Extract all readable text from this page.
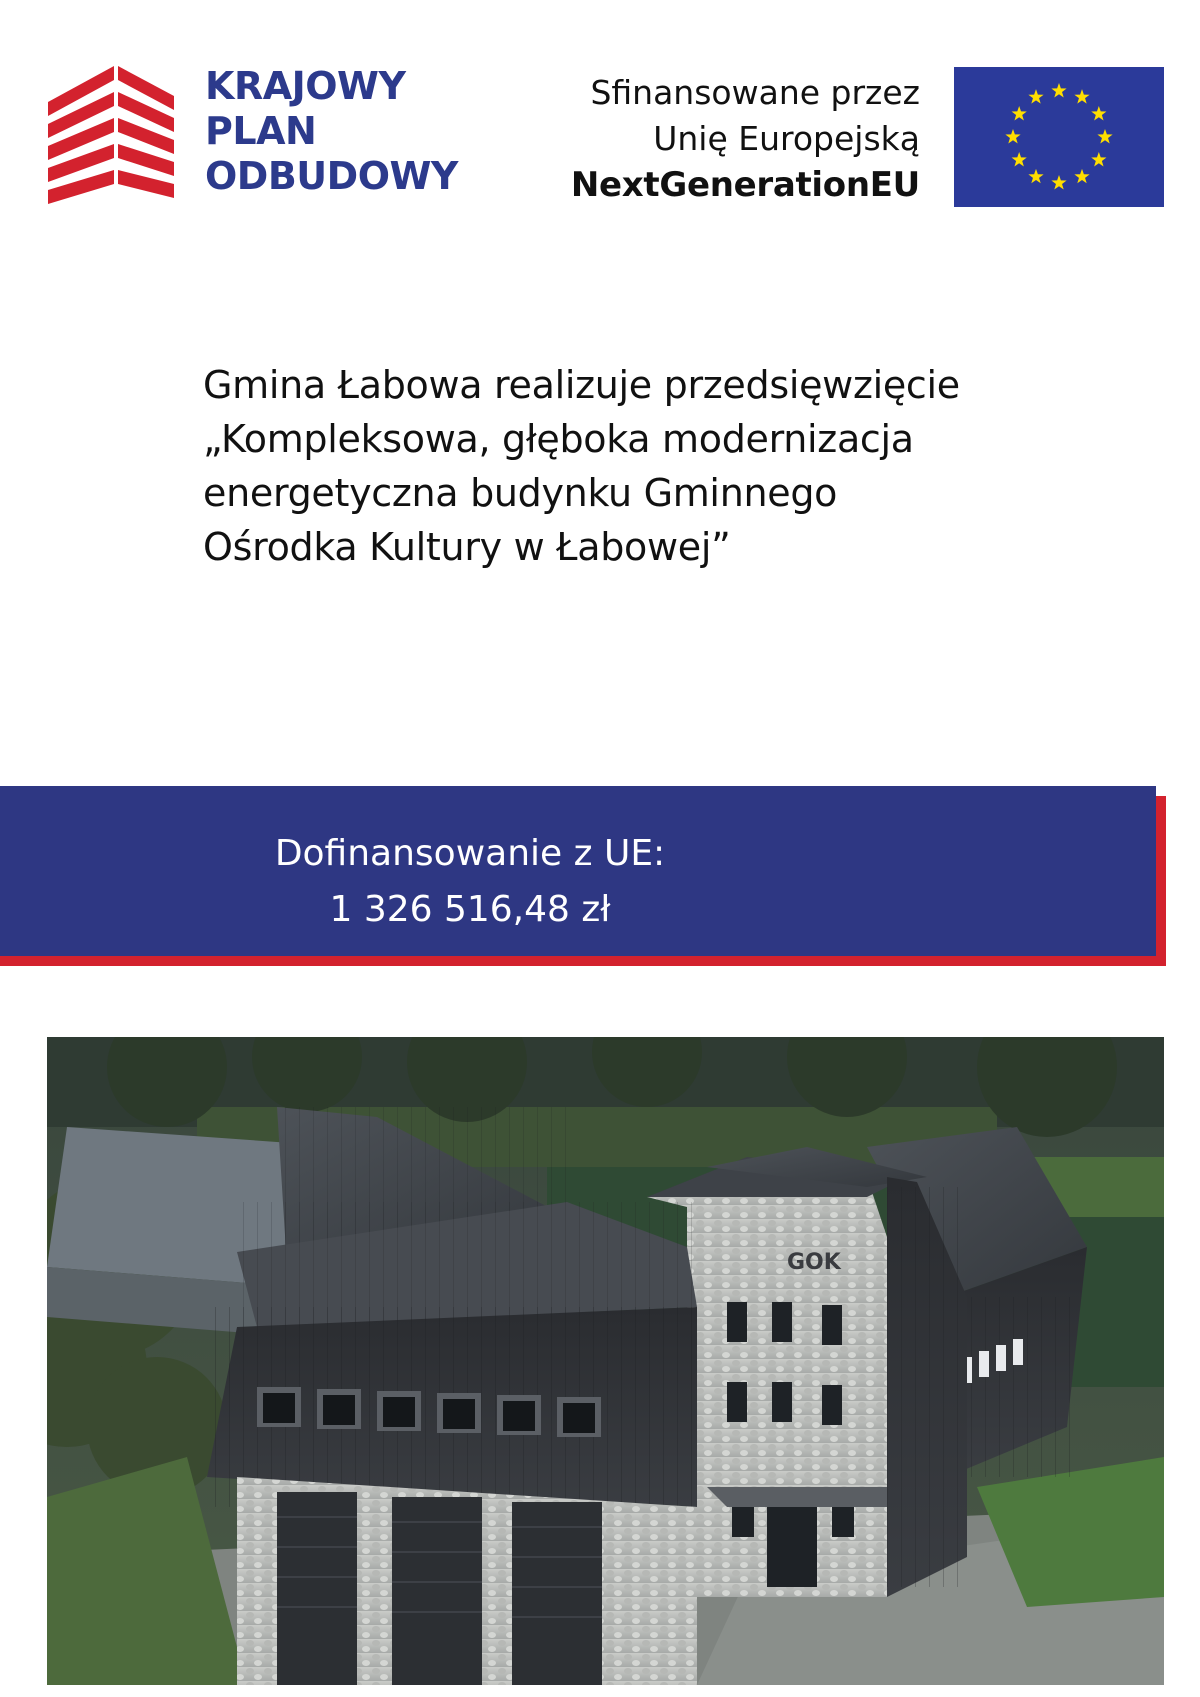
KRAJOWY
PLAN
ODBUDOWY
Sfinansowane przez
Unię Europejską
NextGenerationEU
Gmina Łabowa realizuje przedsięwzięcie
„Kompleksowa, głęboka modernizacja
energetyczna budynku Gminnego
Ośrodka Kultury w Łabowej”
Dofinansowanie z UE:
1 326 516,48 zł
GOK
